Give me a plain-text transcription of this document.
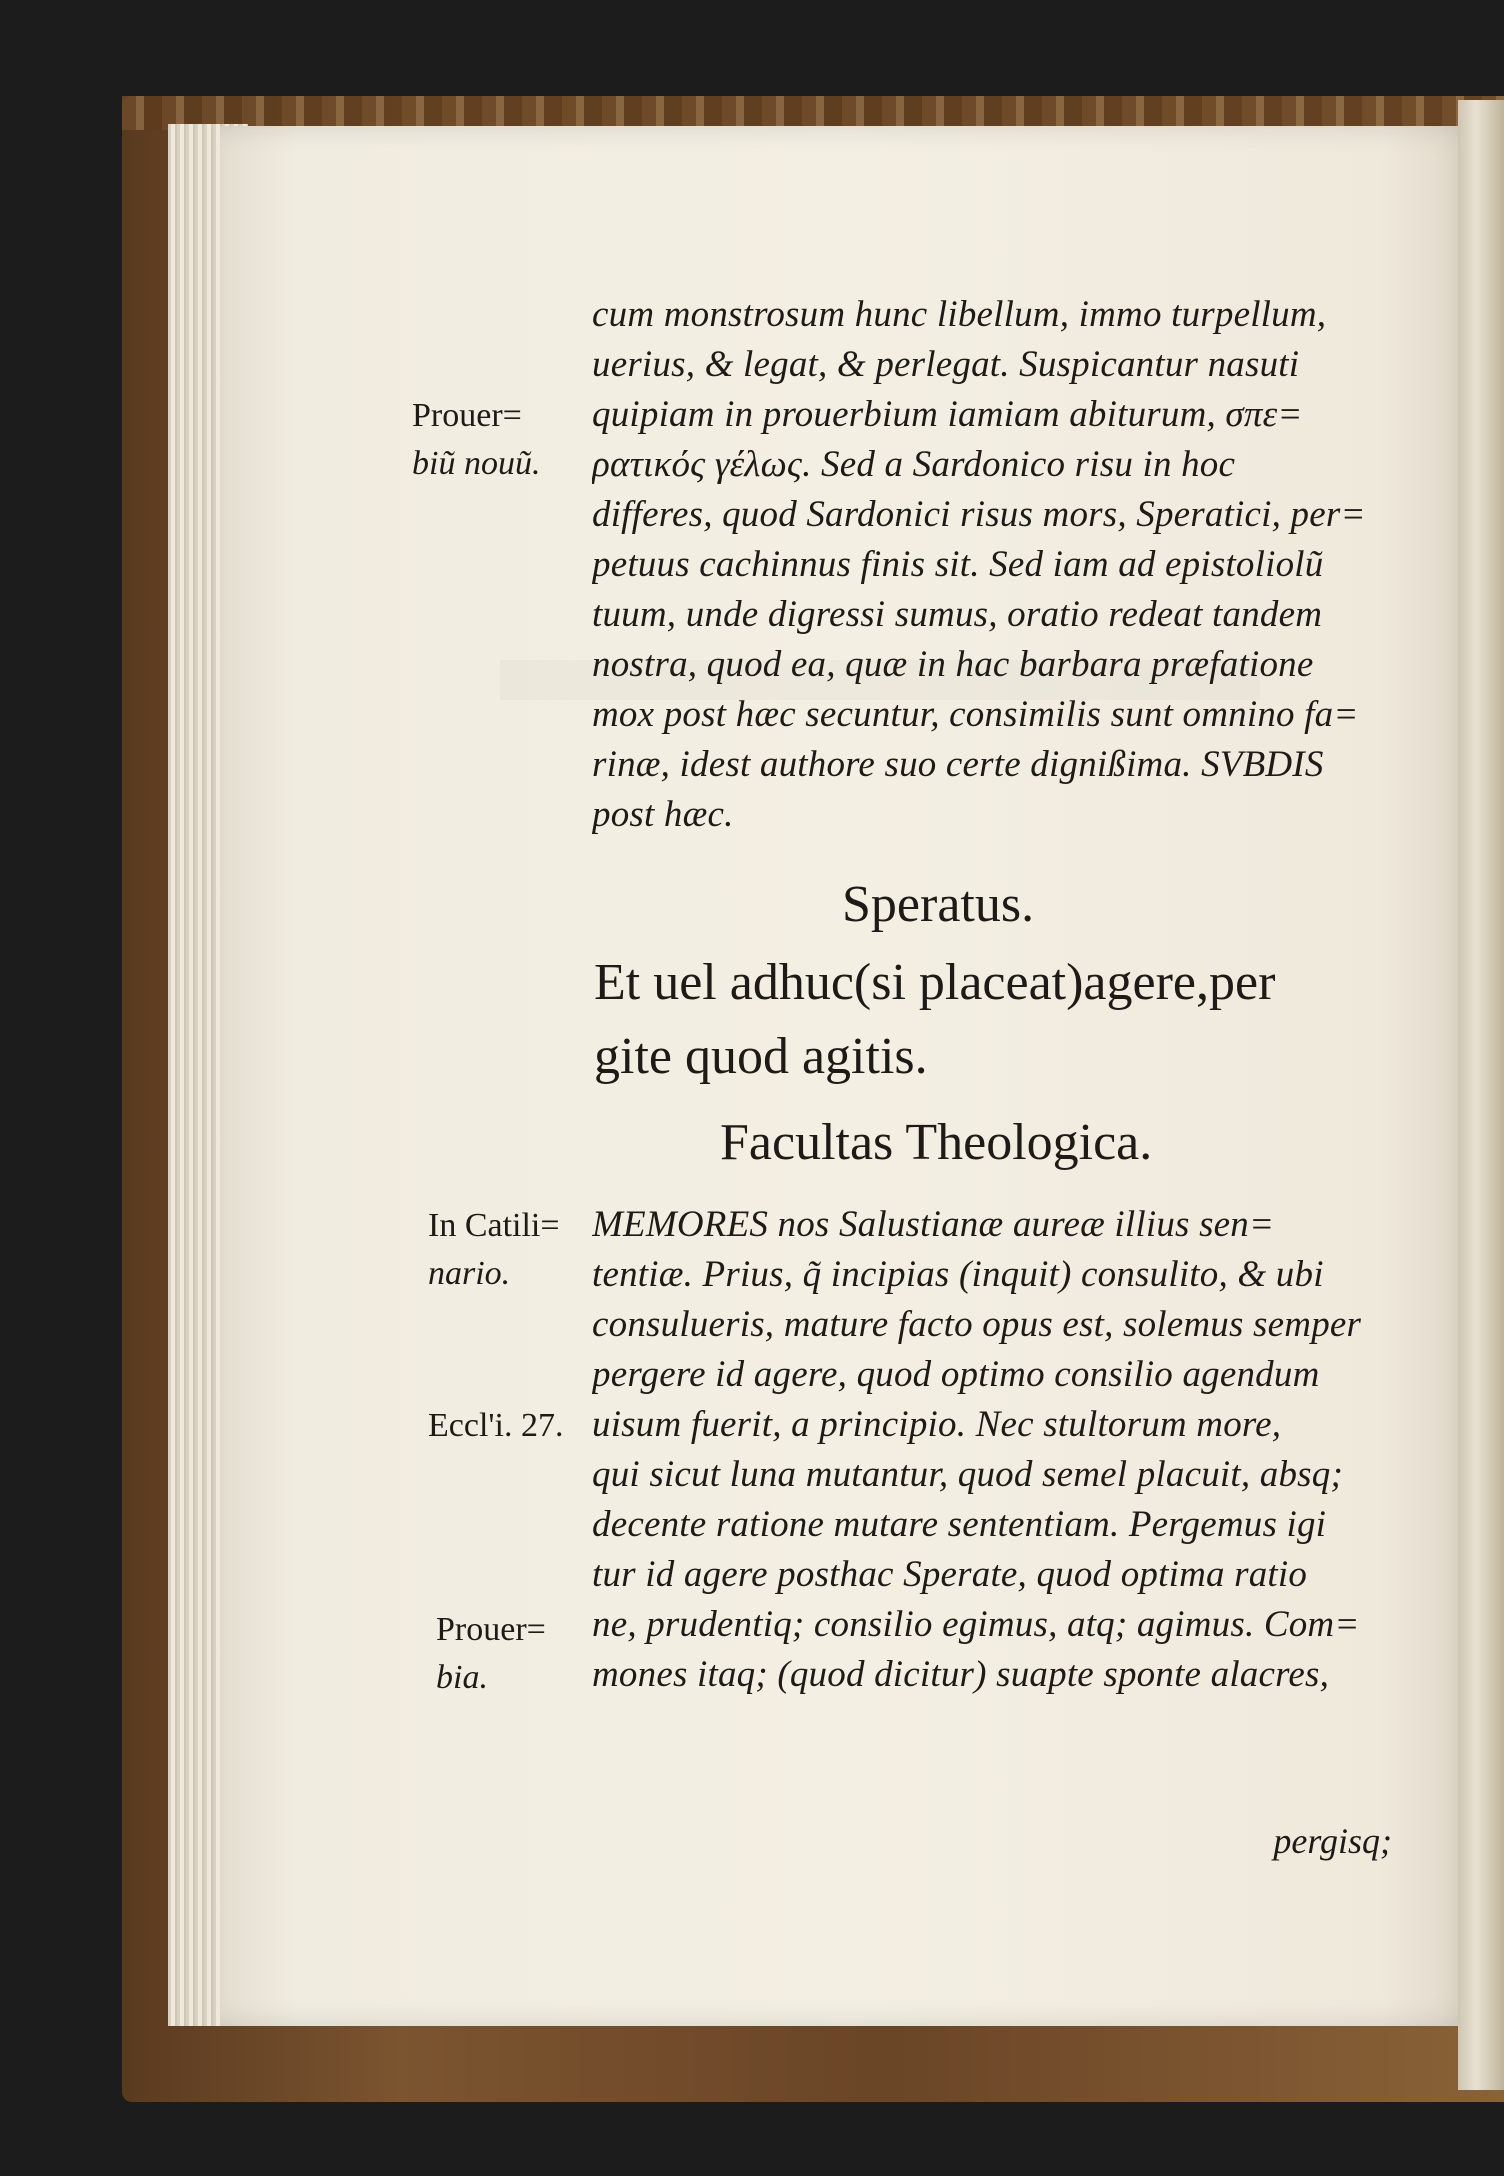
cum monstrosum hunc libellum, immo turpellum,
uerius, & legat, & perlegat. Suspicantur nasuti
quipiam in prouerbium iamiam abiturum, σπε=
ρατικός γέλως. Sed a Sardonico risu in hoc
differes, quod Sardonici risus mors, Speratici, per=
petuus cachinnus finis sit. Sed iam ad epistoliolũ
tuum, unde digressi sumus, oratio redeat tandem
nostra, quod ea, quæ in hac barbara præfatione
mox post hæc secuntur, consimilis sunt omnino fa=
rinæ, idest authore suo certe dignißima. SVBDIS
post hæc.
Prouer=
biũ nouũ.
Speratus.
Et uel adhuc(si placeat)agere,per
gite quod agitis.
Facultas Theologica.
MEMORES nos Salustianæ aureæ illius sen=
tentiæ. Prius, q̃ incipias (inquit) consulito, & ubi
consulueris, mature facto opus est, solemus semper
pergere id agere, quod optimo consilio agendum
uisum fuerit, a principio. Nec stultorum more,
qui sicut luna mutantur, quod semel placuit, absq;
decente ratione mutare sententiam. Pergemus igi
tur id agere posthac Sperate, quod optima ratio
ne, prudentiq; consilio egimus, atq; agimus. Com=
mones itaq; (quod dicitur) suapte sponte alacres,
In Catili=
nario.
Eccl'i. 27.
Prouer=
bia.
pergisq;
